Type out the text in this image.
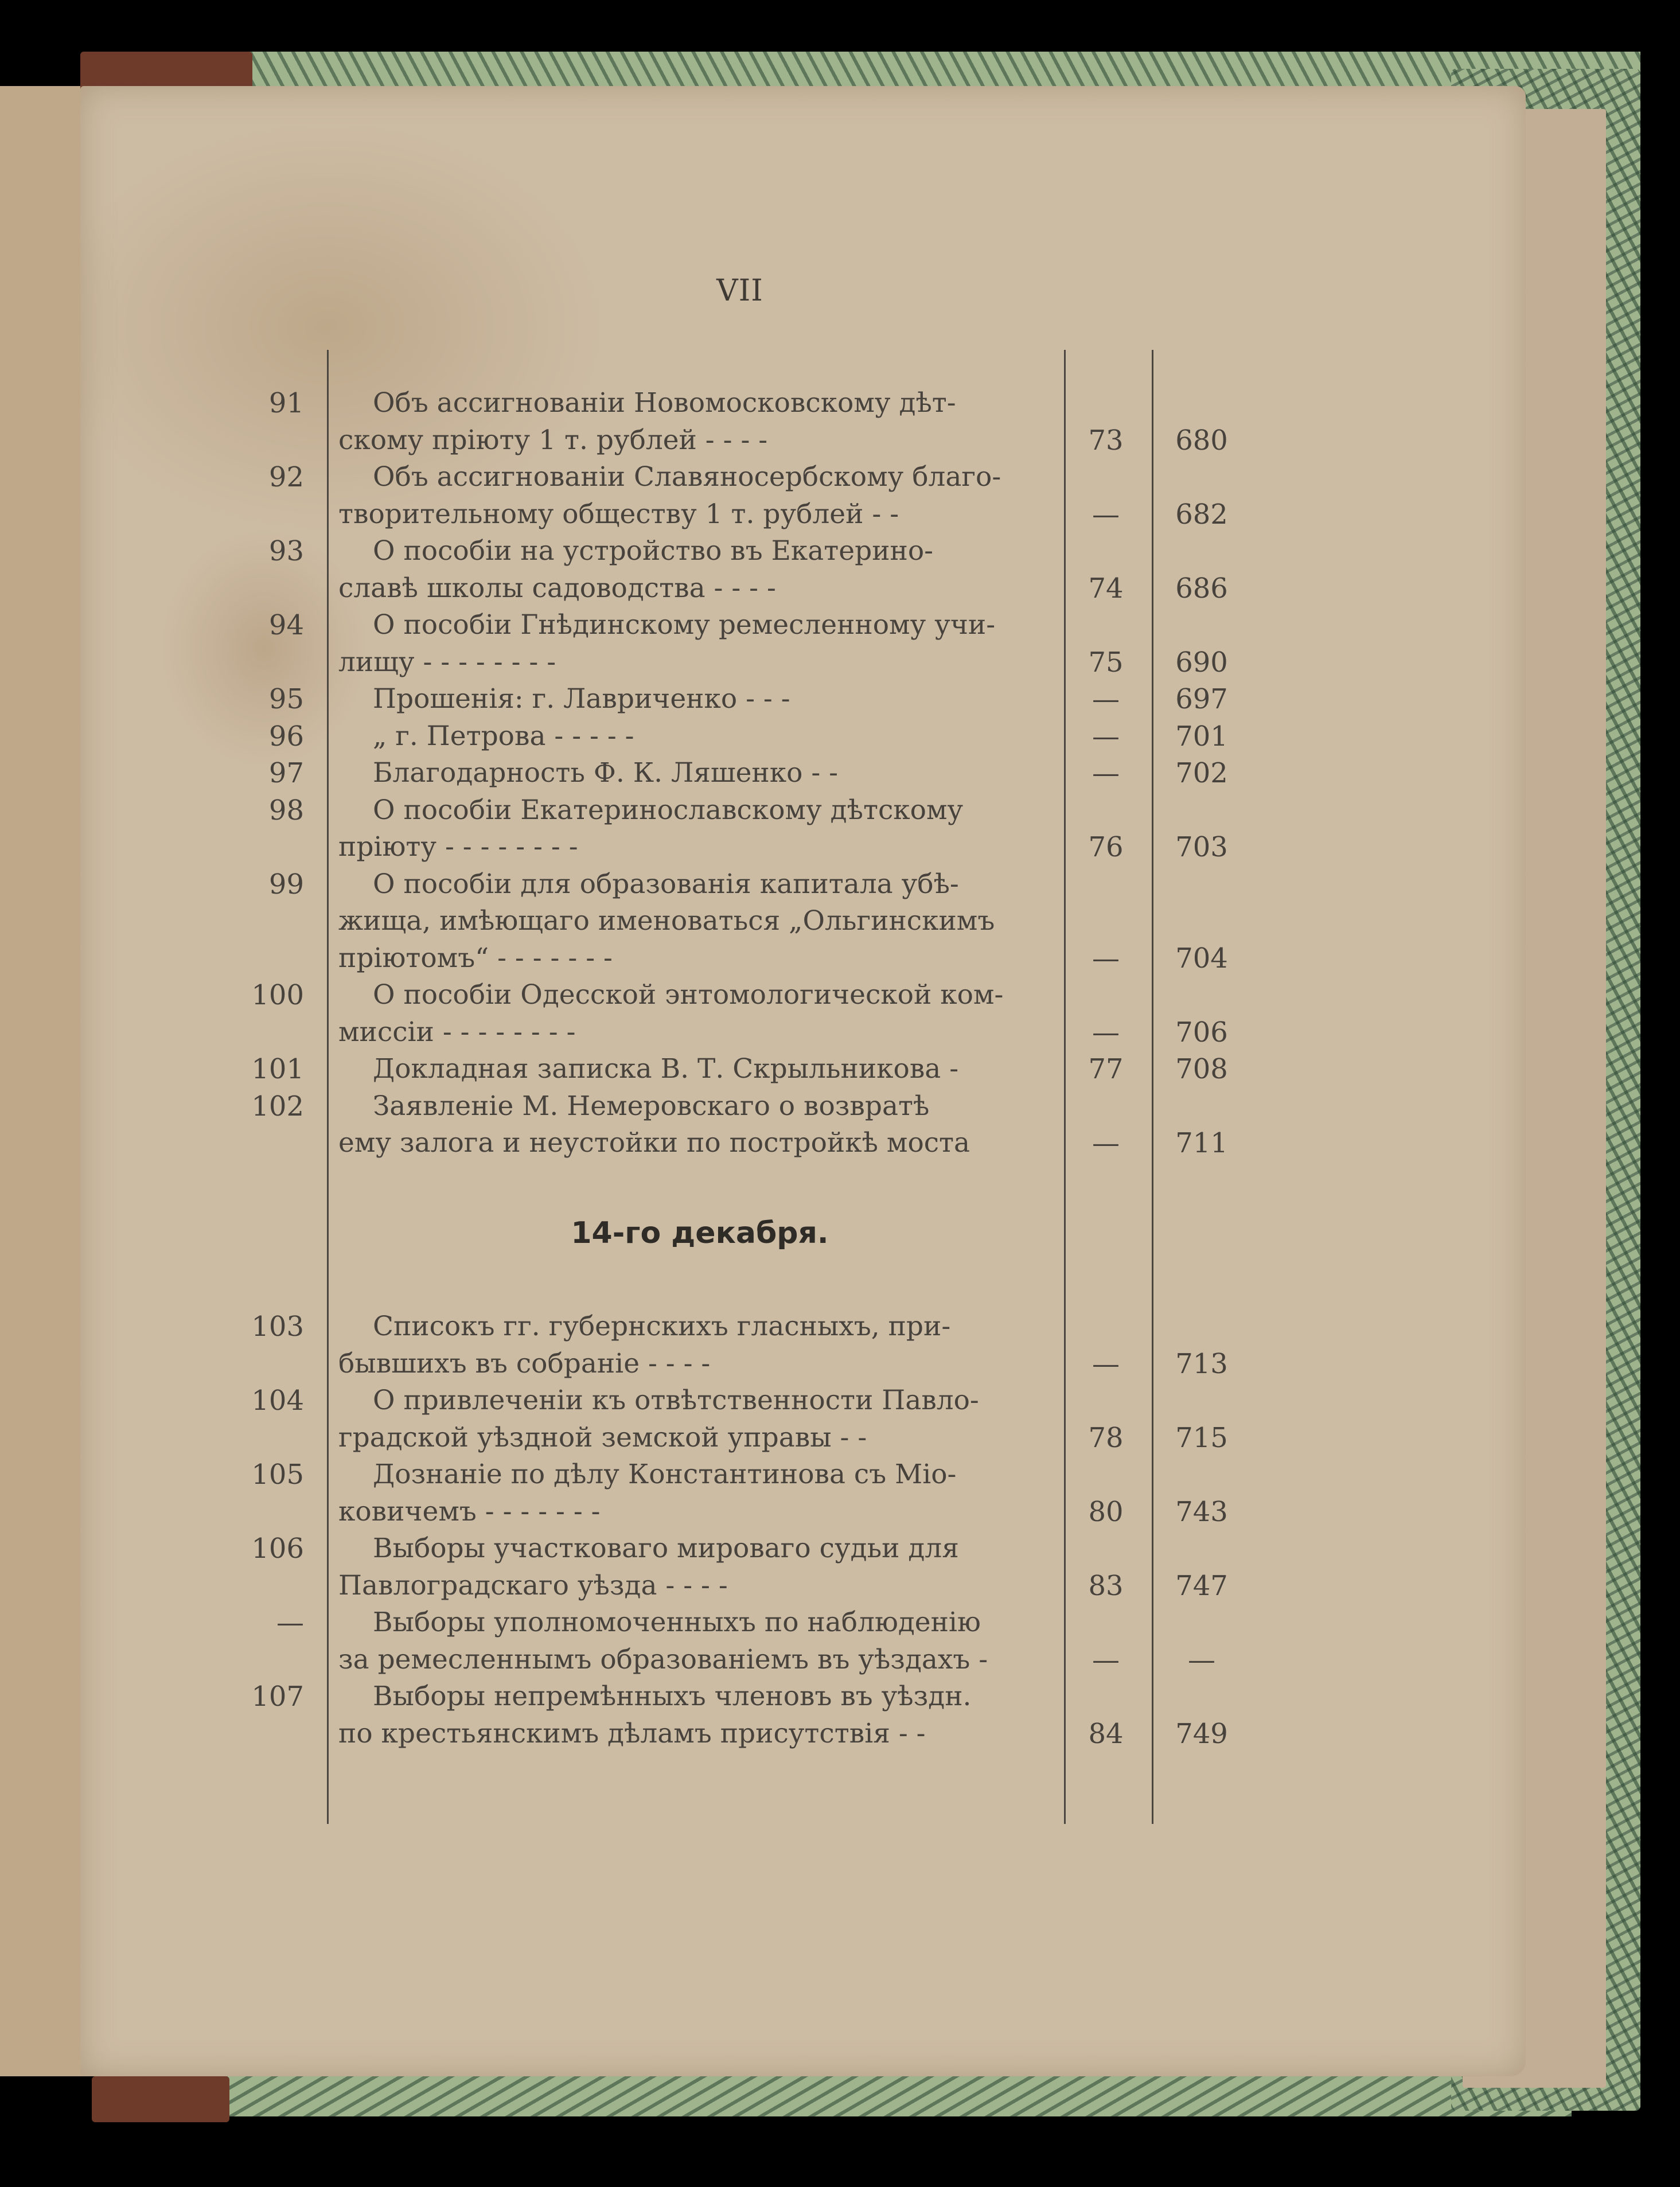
VII
14-го декабря.
91	Объ ассигнованіи Новомосковскому дѣт-
скому пріюту 1 т. рублей - - - -	73	680
92	Объ ассигнованіи Славяносербскому благо-
творительному обществу 1 т. рублей - -	—	682
93	О пособіи на устройство въ Екатерино-
славѣ школы садоводства - - - -	74	686
94	О пособіи Гнѣдинскому ремесленному учи-
лищу - - - - - - - -	75	690
95	Прошенія: г. Лавриченко - - -	—	697
96	„ г. Петрова - - - - -	—	701
97	Благодарность Ф. К. Ляшенко - -	—	702
98	О пособіи Екатеринославскому дѣтскому
пріюту - - - - - - - -	76	703
99	О пособіи для образованія капитала убѣ-
жища, имѣющаго именоваться „Ольгинскимъ
пріютомъ“ - - - - - - -	—	704
100	О пособіи Одесской энтомологической ком-
миссіи - - - - - - - -	—	706
101	Докладная записка В. Т. Скрыльникова -	77	708
102	Заявленіе М. Немеровскаго о возвратѣ
ему залога и неустойки по постройкѣ моста	—	711
103	Списокъ гг. губернскихъ гласныхъ, при-
бывшихъ въ собраніе - - - -	—	713
104	О привлеченіи къ отвѣтственности Павло-
градской уѣздной земской управы - -	78	715
105	Дознаніе по дѣлу Константинова съ Міо-
ковичемъ - - - - - - -	80	743
106	Выборы участковаго мироваго судьи для
Павлоградскаго уѣзда - - - -	83	747
—	Выборы уполномоченныхъ по наблюденію
за ремесленнымъ образованіемъ въ уѣздахъ -	—	—
107	Выборы непремѣнныхъ членовъ въ уѣздн.
по крестьянскимъ дѣламъ присутствія - -	84	749
